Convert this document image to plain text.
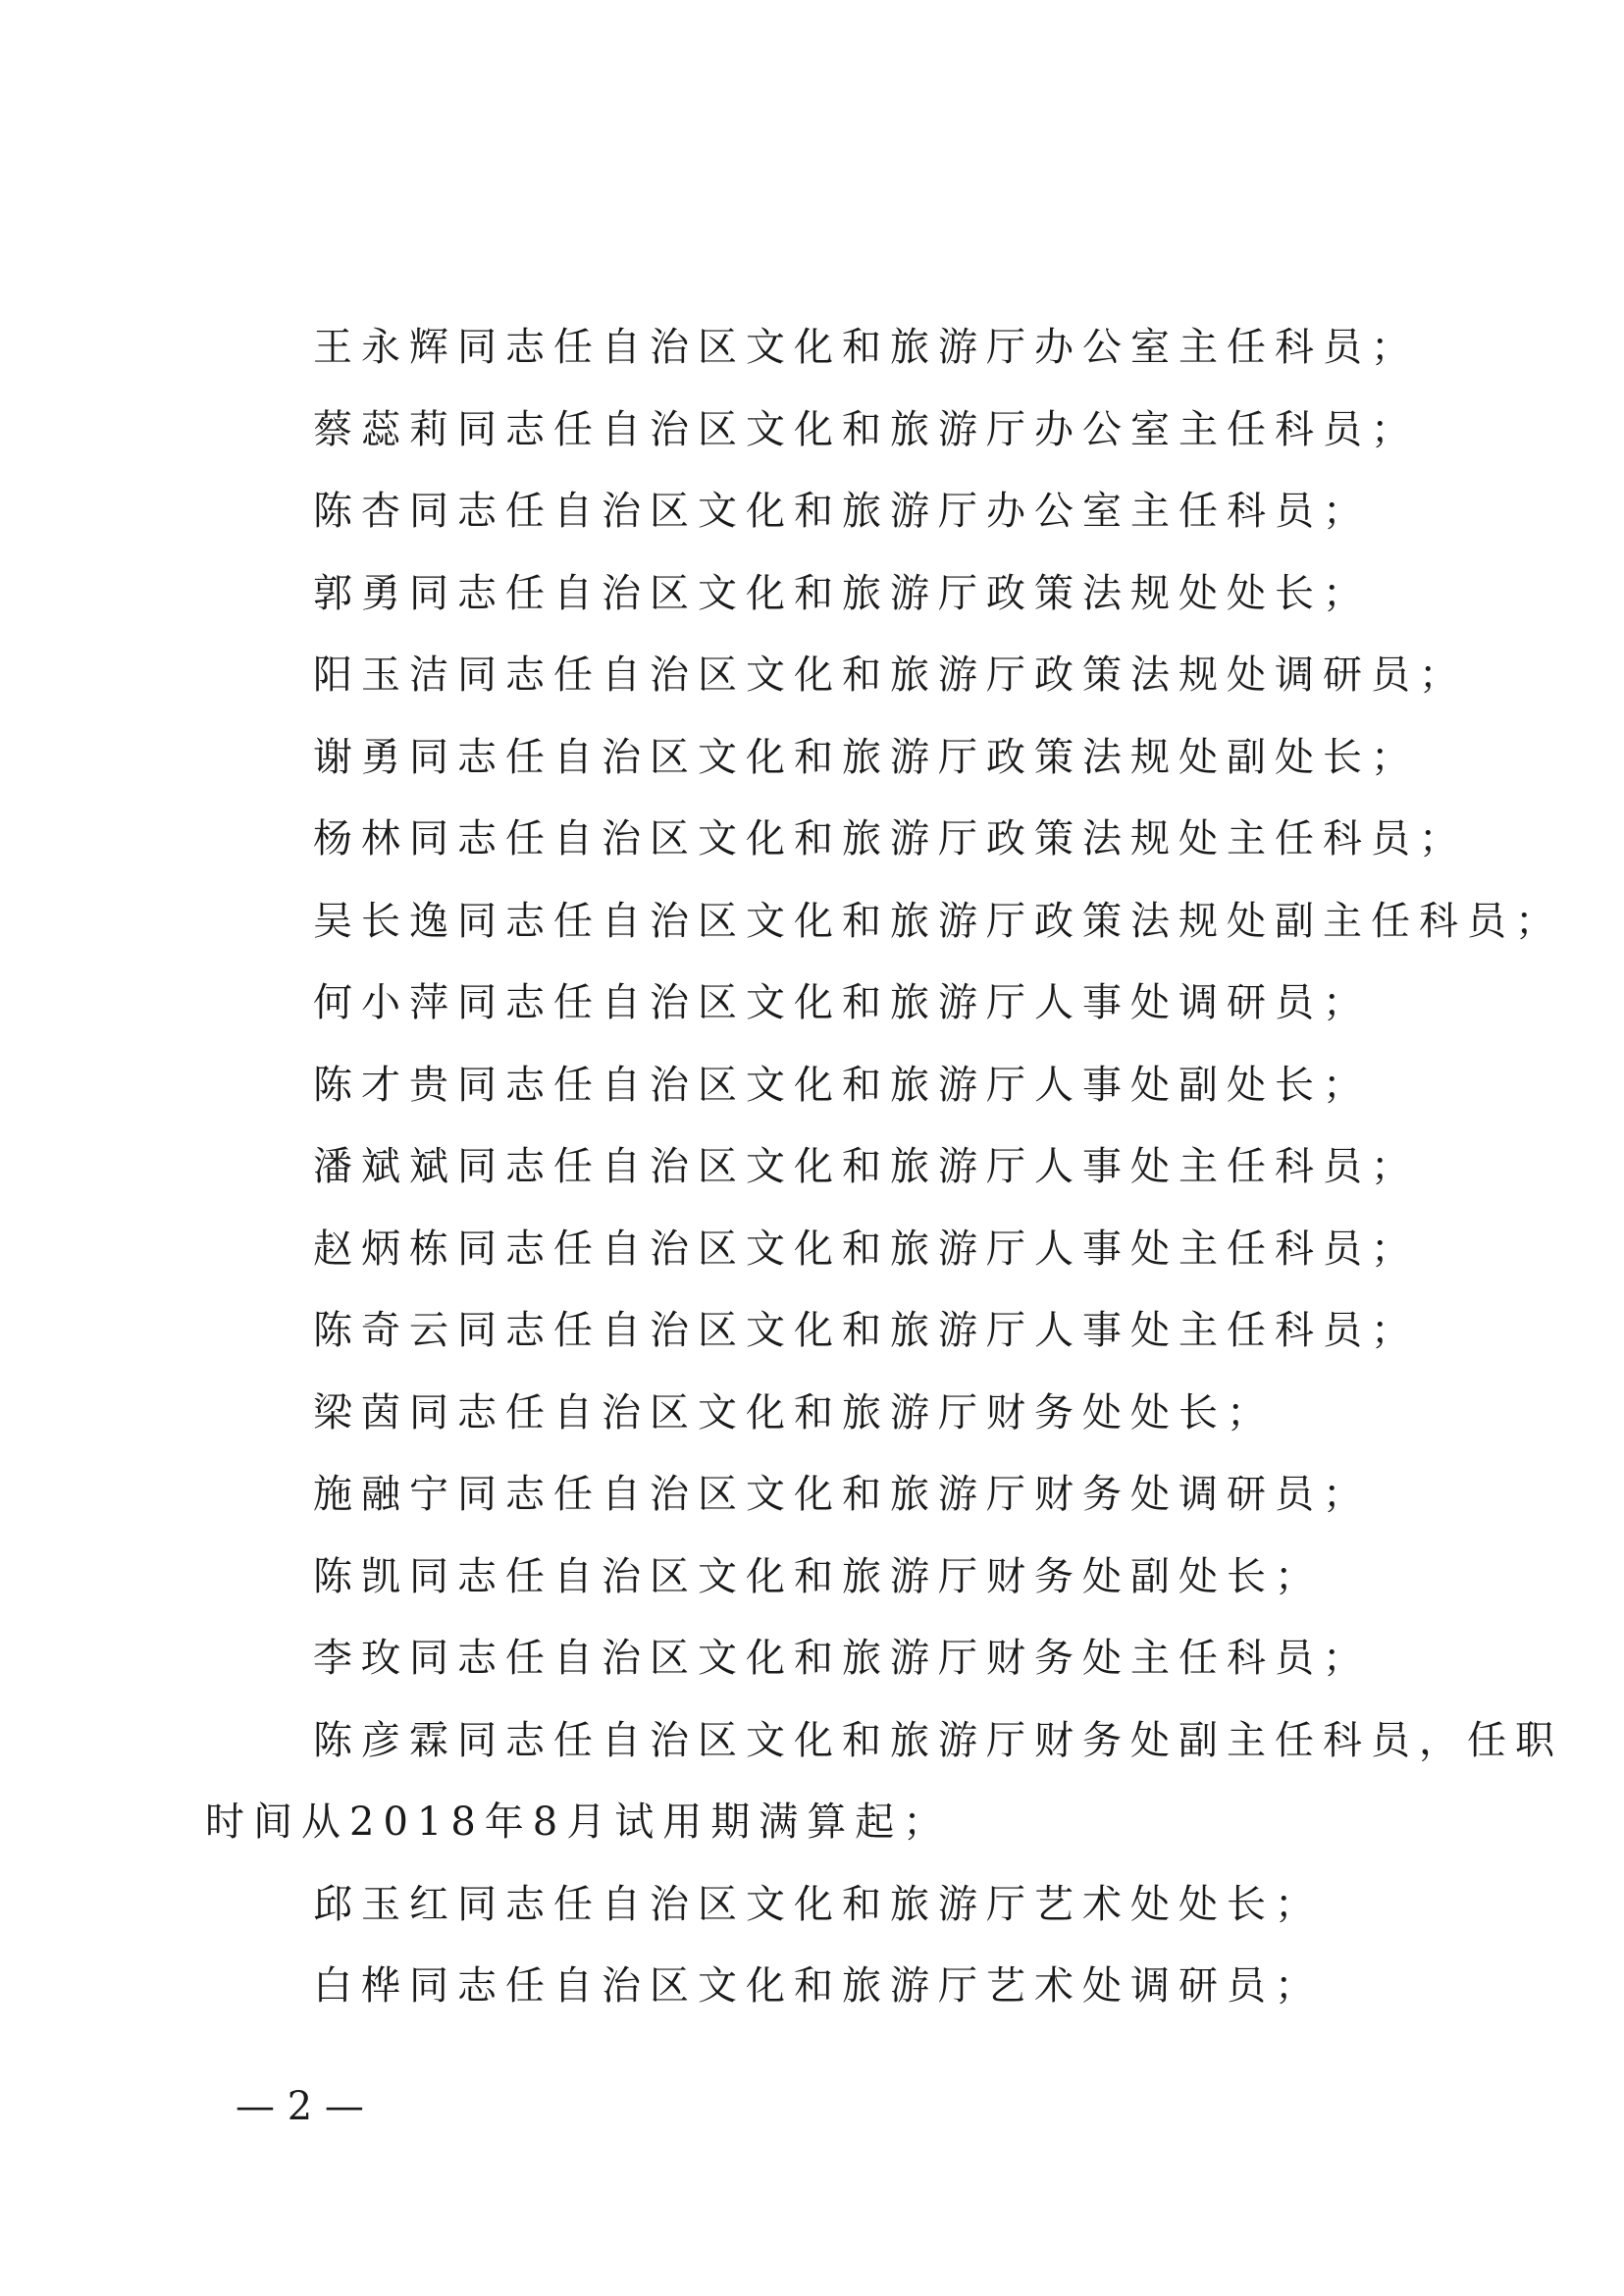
王永辉同志任自治区文化和旅游厅办公室主任科员；
蔡蕊莉同志任自治区文化和旅游厅办公室主任科员；
陈杏同志任自治区文化和旅游厅办公室主任科员；
郭勇同志任自治区文化和旅游厅政策法规处处长；
阳玉洁同志任自治区文化和旅游厅政策法规处调研员；
谢勇同志任自治区文化和旅游厅政策法规处副处长；
杨林同志任自治区文化和旅游厅政策法规处主任科员；
吴长逸同志任自治区文化和旅游厅政策法规处副主任科员；
何小萍同志任自治区文化和旅游厅人事处调研员；
陈才贵同志任自治区文化和旅游厅人事处副处长；
潘斌斌同志任自治区文化和旅游厅人事处主任科员；
赵炳栋同志任自治区文化和旅游厅人事处主任科员；
陈奇云同志任自治区文化和旅游厅人事处主任科员；
梁茵同志任自治区文化和旅游厅财务处处长；
施融宁同志任自治区文化和旅游厅财务处调研员；
陈凯同志任自治区文化和旅游厅财务处副处长；
李玫同志任自治区文化和旅游厅财务处主任科员；
陈彦霖同志任自治区文化和旅游厅财务处副主任科员，任职
时间从2018年8月试用期满算起；
邱玉红同志任自治区文化和旅游厅艺术处处长；
白桦同志任自治区文化和旅游厅艺术处调研员；
— 2 —
